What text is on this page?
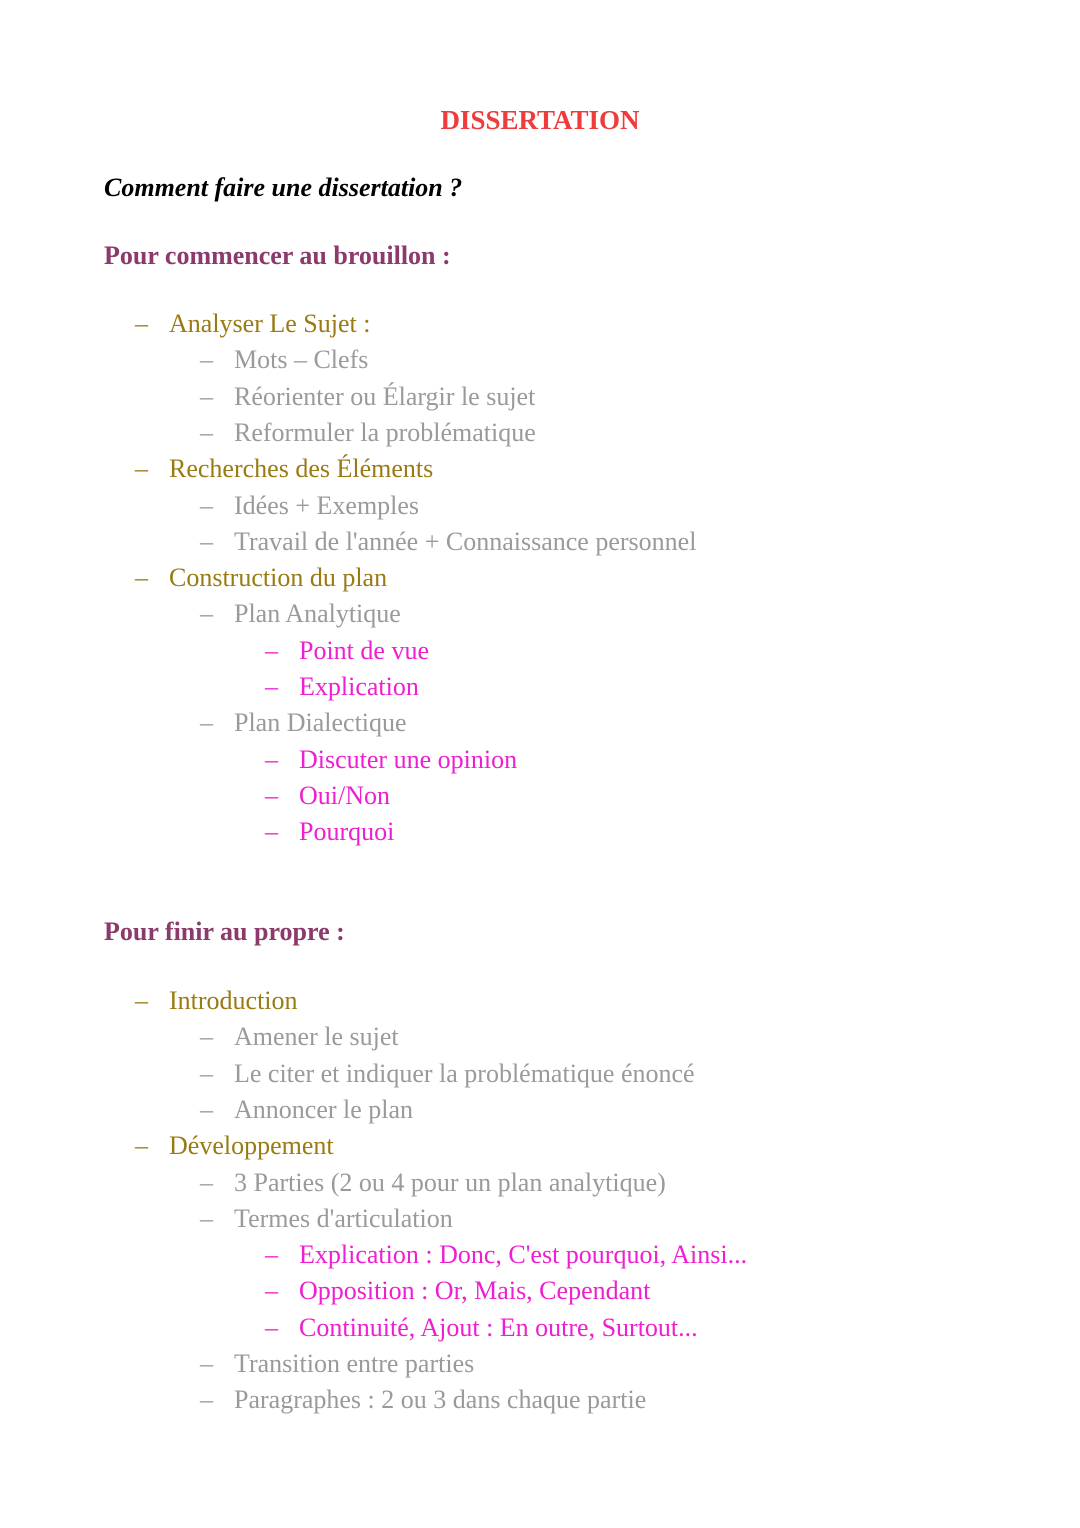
DISSERTATION
Comment faire une dissertation ?
Pour commencer au brouillon :
– Analyser Le Sujet :
– Mots – Clefs
– Réorienter ou Élargir le sujet
– Reformuler la problématique
– Recherches des Éléments
– Idées + Exemples
– Travail de l'année + Connaissance personnel
– Construction du plan
– Plan Analytique
– Point de vue
– Explication
– Plan Dialectique
– Discuter une opinion
– Oui/Non
– Pourquoi
Pour finir au propre :
– Introduction
– Amener le sujet
– Le citer et indiquer la problématique énoncé
– Annoncer le plan
– Développement
– 3 Parties (2 ou 4 pour un plan analytique)
– Termes d'articulation
– Explication : Donc, C'est pourquoi, Ainsi...
– Opposition : Or, Mais, Cependant
– Continuité, Ajout : En outre, Surtout...
– Transition entre parties
– Paragraphes : 2 ou 3 dans chaque partie
